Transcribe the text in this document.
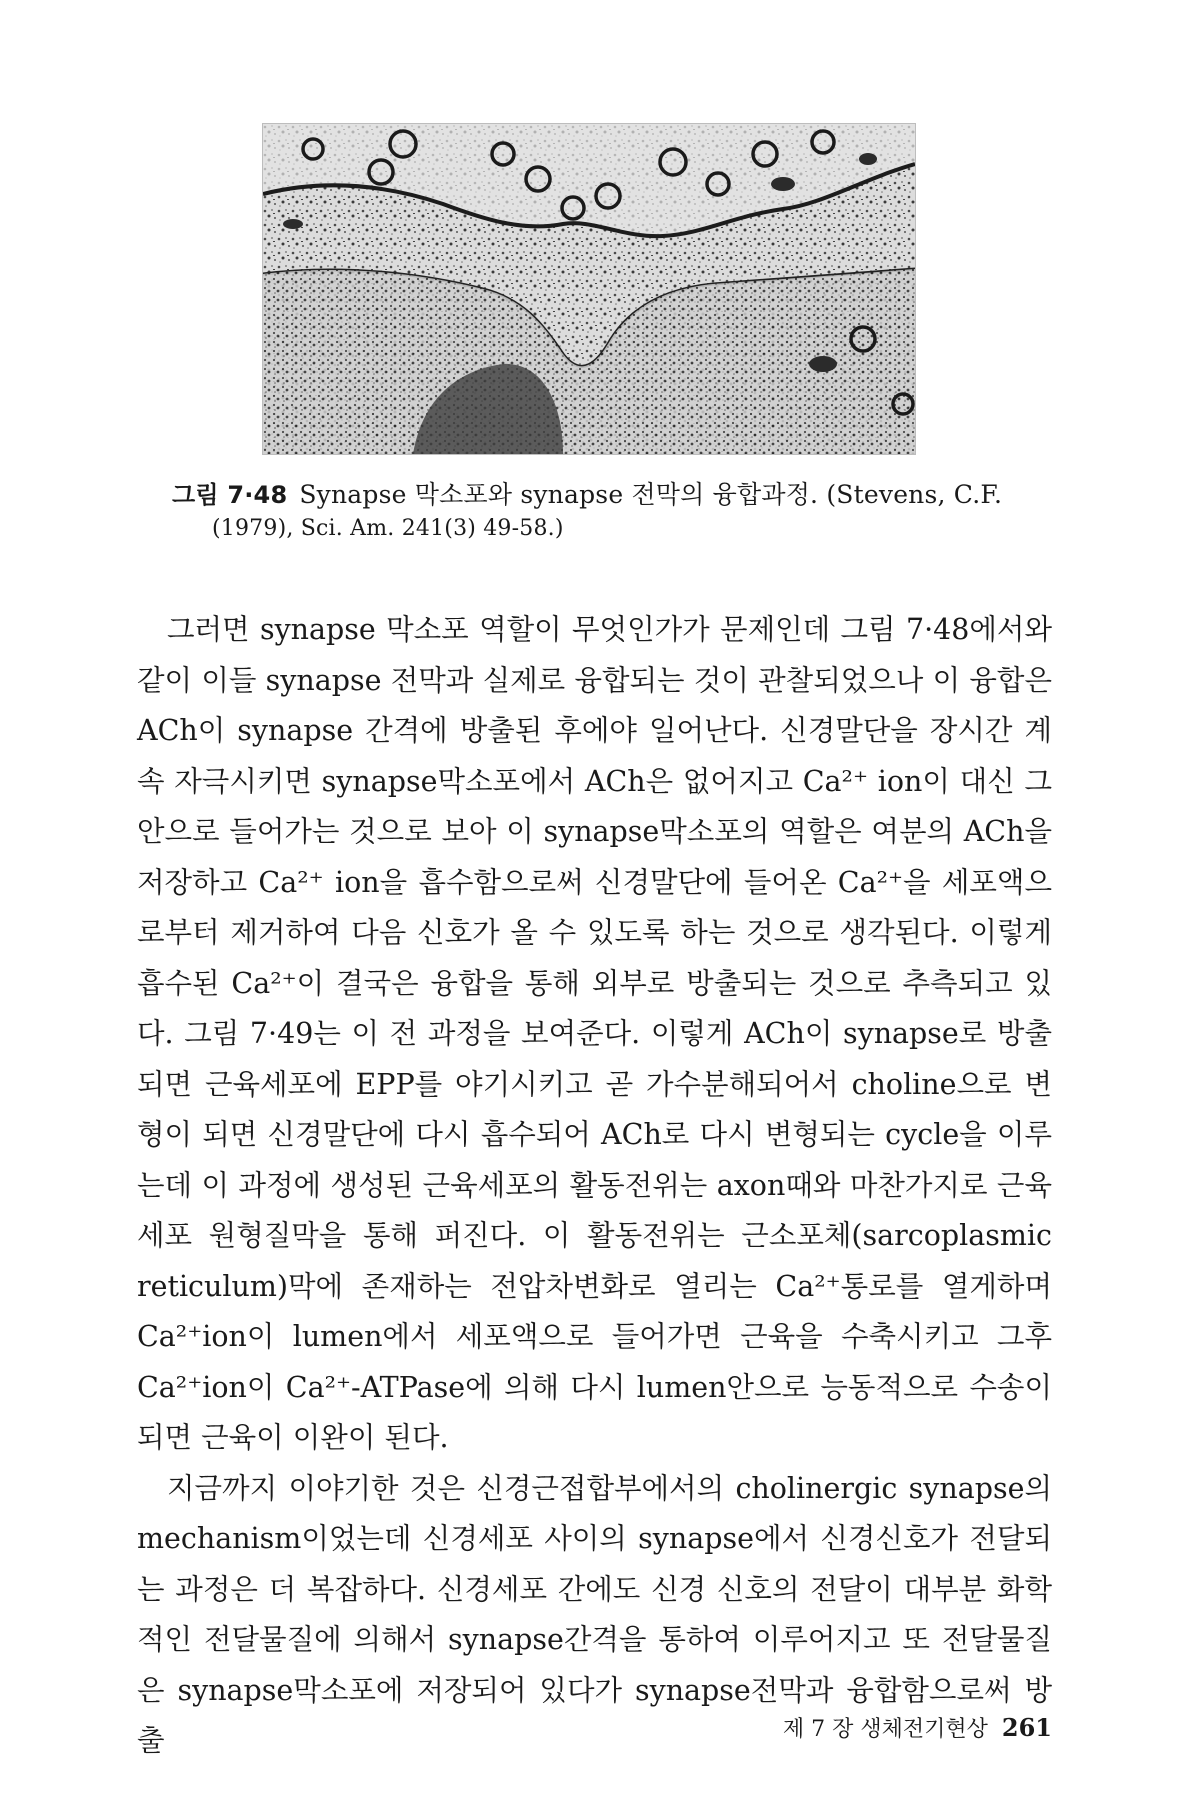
그림 7·48 Synapse 막소포와 synapse 전막의 융합과정. (Stevens, C.F.
(1979), Sci. Am. 241(3) 49-58.)

그러면 synapse 막소포 역할이 무엇인가가 문제인데 그림 7·48에서와 같이 이들 synapse 전막과 실제로 융합되는 것이 관찰되었으나 이 융합은 ACh이 synapse 간격에 방출된 후에야 일어난다. 신경말단을 장시간 계속 자극시키면 synapse막소포에서 ACh은 없어지고 Ca²⁺ ion이 대신 그 안으로 들어가는 것으로 보아 이 synapse막소포의 역할은 여분의 ACh을 저장하고 Ca²⁺ ion을 흡수함으로써 신경말단에 들어온 Ca²⁺을 세포액으로부터 제거하여 다음 신호가 올 수 있도록 하는 것으로 생각된다. 이렇게 흡수된 Ca²⁺이 결국은 융합을 통해 외부로 방출되는 것으로 추측되고 있다. 그림 7·49는 이 전 과정을 보여준다. 이렇게 ACh이 synapse로 방출되면 근육세포에 EPP를 야기시키고 곧 가수분해되어서 choline으로 변형이 되면 신경말단에 다시 흡수되어 ACh로 다시 변형되는 cycle을 이루는데 이 과정에 생성된 근육세포의 활동전위는 axon때와 마찬가지로 근육세포 원형질막을 통해 퍼진다. 이 활동전위는 근소포체(sarcoplasmic reticulum)막에 존재하는 전압차변화로 열리는 Ca²⁺통로를 열게하며 Ca²⁺ion이 lumen에서 세포액으로 들어가면 근육을 수축시키고 그후 Ca²⁺ion이 Ca²⁺-ATPase에 의해 다시 lumen안으로 능동적으로 수송이 되면 근육이 이완이 된다.

지금까지 이야기한 것은 신경근접합부에서의 cholinergic synapse의 mechanism이었는데 신경세포 사이의 synapse에서 신경신호가 전달되는 과정은 더 복잡하다. 신경세포 간에도 신경 신호의 전달이 대부분 화학적인 전달물질에 의해서 synapse간격을 통하여 이루어지고 또 전달물질은 synapse막소포에 저장되어 있다가 synapse전막과 융합함으로써 방출	제 7 장 생체전기현상 261
